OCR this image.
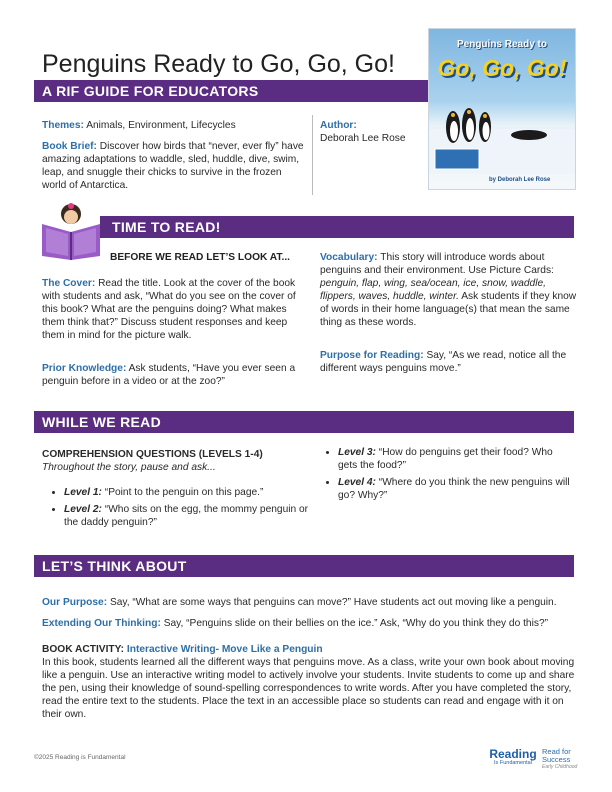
Penguins Ready to Go, Go, Go!
A RIF GUIDE FOR EDUCATORS
Penguins Ready to
Go, Go, Go!
by Deborah Lee Rose
Themes: Animals, Environment, Lifecycles
Book Brief: Discover how birds that “never, ever fly” have amazing adaptations to waddle, sled, huddle, dive, swim, leap, and snuggle their chicks to survive in the frozen world of Antarctica.
Author:
Deborah Lee Rose
TIME TO READ!
BEFORE WE READ LET’S LOOK AT...
The Cover: Read the title. Look at the cover of the book with students and ask, “What do you see on the cover of this book? What are the penguins doing? What makes them think that?” Discuss student responses and keep them in mind for the picture walk.
Prior Knowledge: Ask students, “Have you ever seen a penguin before in a video or at the zoo?”
Vocabulary: This story will introduce words about penguins and their environment. Use Picture Cards: penguin, flap, wing, sea/ocean, ice, snow, waddle, flippers, waves, huddle, winter. Ask students if they know of words in their home language(s) that mean the same thing as these words.
Purpose for Reading: Say, “As we read, notice all the different ways penguins move.”
WHILE WE READ
COMPREHENSION QUESTIONS (LEVELS 1-4)
Throughout the story, pause and ask...
• Level 1: “Point to the penguin on this page.”
• Level 2: “Who sits on the egg, the mommy penguin or the daddy penguin?”
• Level 3: “How do penguins get their food? Who gets the food?”
• Level 4: “Where do you think the new penguins will go? Why?”
LET’S THINK ABOUT
Our Purpose: Say, “What are some ways that penguins can move?” Have students act out moving like a penguin.
Extending Our Thinking: Say, “Penguins slide on their bellies on the ice.” Ask, “Why do you think they do this?”
BOOK ACTIVITY: Interactive Writing- Move Like a Penguin
In this book, students learned all the different ways that penguins move. As a class, write your own book about moving like a penguin. Use an interactive writing model to actively involve your students. Invite students to come up and share the pen, using their knowledge of sound-spelling correspondences to write words. After you have completed the story, read the entire text to the students. Place the text in an accessible place so students can read and engage with it on their own.
©2025 Reading is Fundamental	Reading
Is Fundamental
Read for
Success
Early Childhood
